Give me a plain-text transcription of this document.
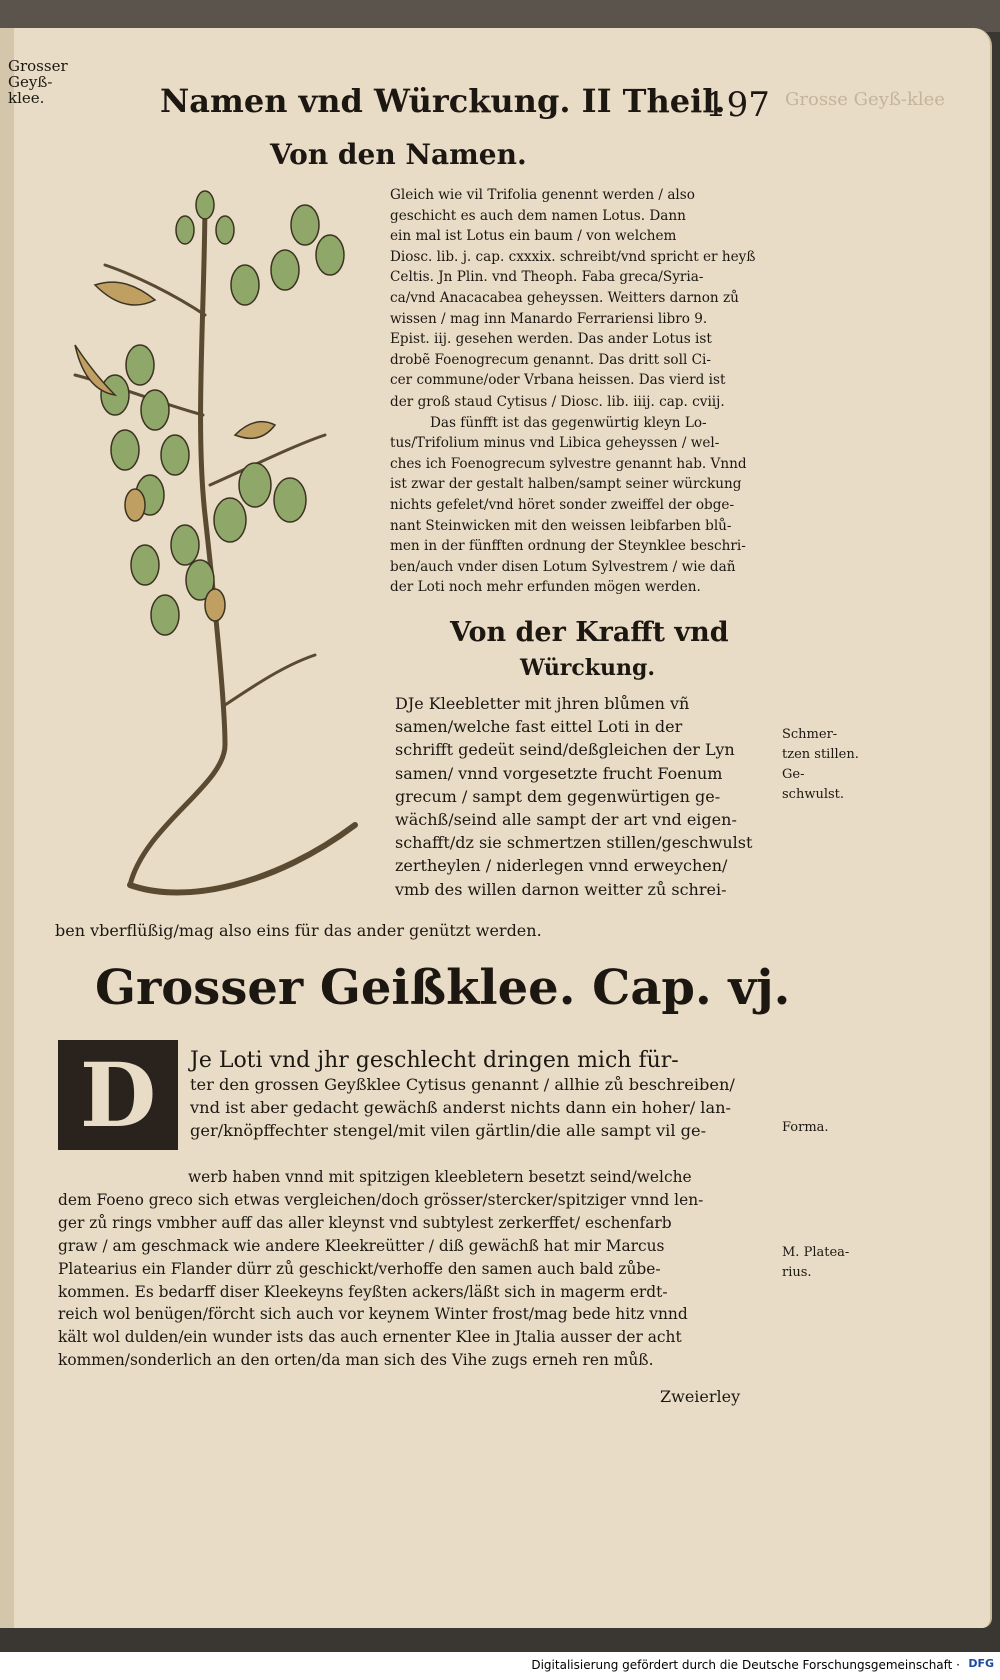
Namen vnd Würckung. II Theil.
197
Grosser Geyß-klee.	Grosse Geyß-klee
Von den Namen.

Gleich wie vil Trifolia genennt werden / also

geschicht es auch dem namen Lotus. Dann

ein mal ist Lotus ein baum / von welchem

Diosc. lib. j. cap. cxxxix. schreibt/vnd spricht er heyß

Celtis. Jn Plin. vnd Theoph. Faba greca/Syria-

ca/vnd Anacacabea geheyssen. Weitters darnon zů

wissen / mag inn Manardo Ferrariensi libro 9.

Epist. iij. gesehen werden. Das ander Lotus ist

drobẽ Foenogrecum genannt. Das dritt soll Ci-

cer commune/oder Vrbana heissen. Das vierd ist

der groß staud Cytisus / Diosc. lib. iiij. cap. cviij.

Das fünfft ist das gegenwürtig kleyn Lo-

tus/Trifolium minus vnd Libica geheyssen / wel-

ches ich Foenogrecum sylvestre genannt hab. Vnnd

ist zwar der gestalt halben/sampt seiner würckung

nichts gefelet/vnd höret sonder zweiffel der obge-

nant Steinwicken mit den weissen leibfarben blů-

men in der fünfften ordnung der Steynklee beschri-

ben/auch vnder disen Lotum Sylvestrem / wie dañ

der Loti noch mehr erfunden mögen werden.

Von der Krafft vnd
Würckung.

DJe Kleebletter mit jhren blůmen vñ

samen/welche fast eittel Loti in der

schrifft gedeüt seind/deßgleichen der Lyn

samen/ vnnd vorgesetzte frucht Foenum

grecum / sampt dem gegenwürtigen ge-

wächß/seind alle sampt der art vnd eigen-

schafft/dz sie schmertzen stillen/geschwulst

zertheylen / niderlegen vnnd erweychen/

vmb des willen darnon weitter zů schrei-

ben vberflüßig/mag also eins für das ander genützt werden.
Schmer-
tzen stillen.
Ge-
schwulst.
Grosser Geißklee. Cap. vj.
D	Je Loti vnd jhr geschlecht dringen mich für-

ter den grossen Geyßklee Cytisus genannt / allhie zů beschreiben/

vnd ist aber gedacht gewächß anderst nichts dann ein hoher/ lan-

ger/knöpffechter stengel/mit vilen gärtlin/die alle sampt vil ge-

werb haben vnnd mit spitzigen kleebletern besetzt seind/welche

dem Foeno greco sich etwas vergleichen/doch grösser/stercker/spitziger vnnd len-

ger zů rings vmbher auff das aller kleynst vnd subtylest zerkerffet/ eschenfarb

graw / am geschmack wie andere Kleekreütter / diß gewächß hat mir Marcus

Platearius ein Flander dürr zů geschickt/verhoffe den samen auch bald zůbe-

kommen. Es bedarff diser Kleekeyns feyßten ackers/läßt sich in magerm erdt-

reich wol benügen/förcht sich auch vor keynem Winter frost/mag bede hitz vnnd

kält wol dulden/ein wunder ists das auch ernenter Klee in Jtalia ausser der acht

kommen/sonderlich an den orten/da man sich des Vihe zugs erneh ren můß.

Forma.
M. Platea-
rius.
Zweierley
Digitalisierung gefördert durch die Deutsche Forschungsgemeinschaft · DFG
